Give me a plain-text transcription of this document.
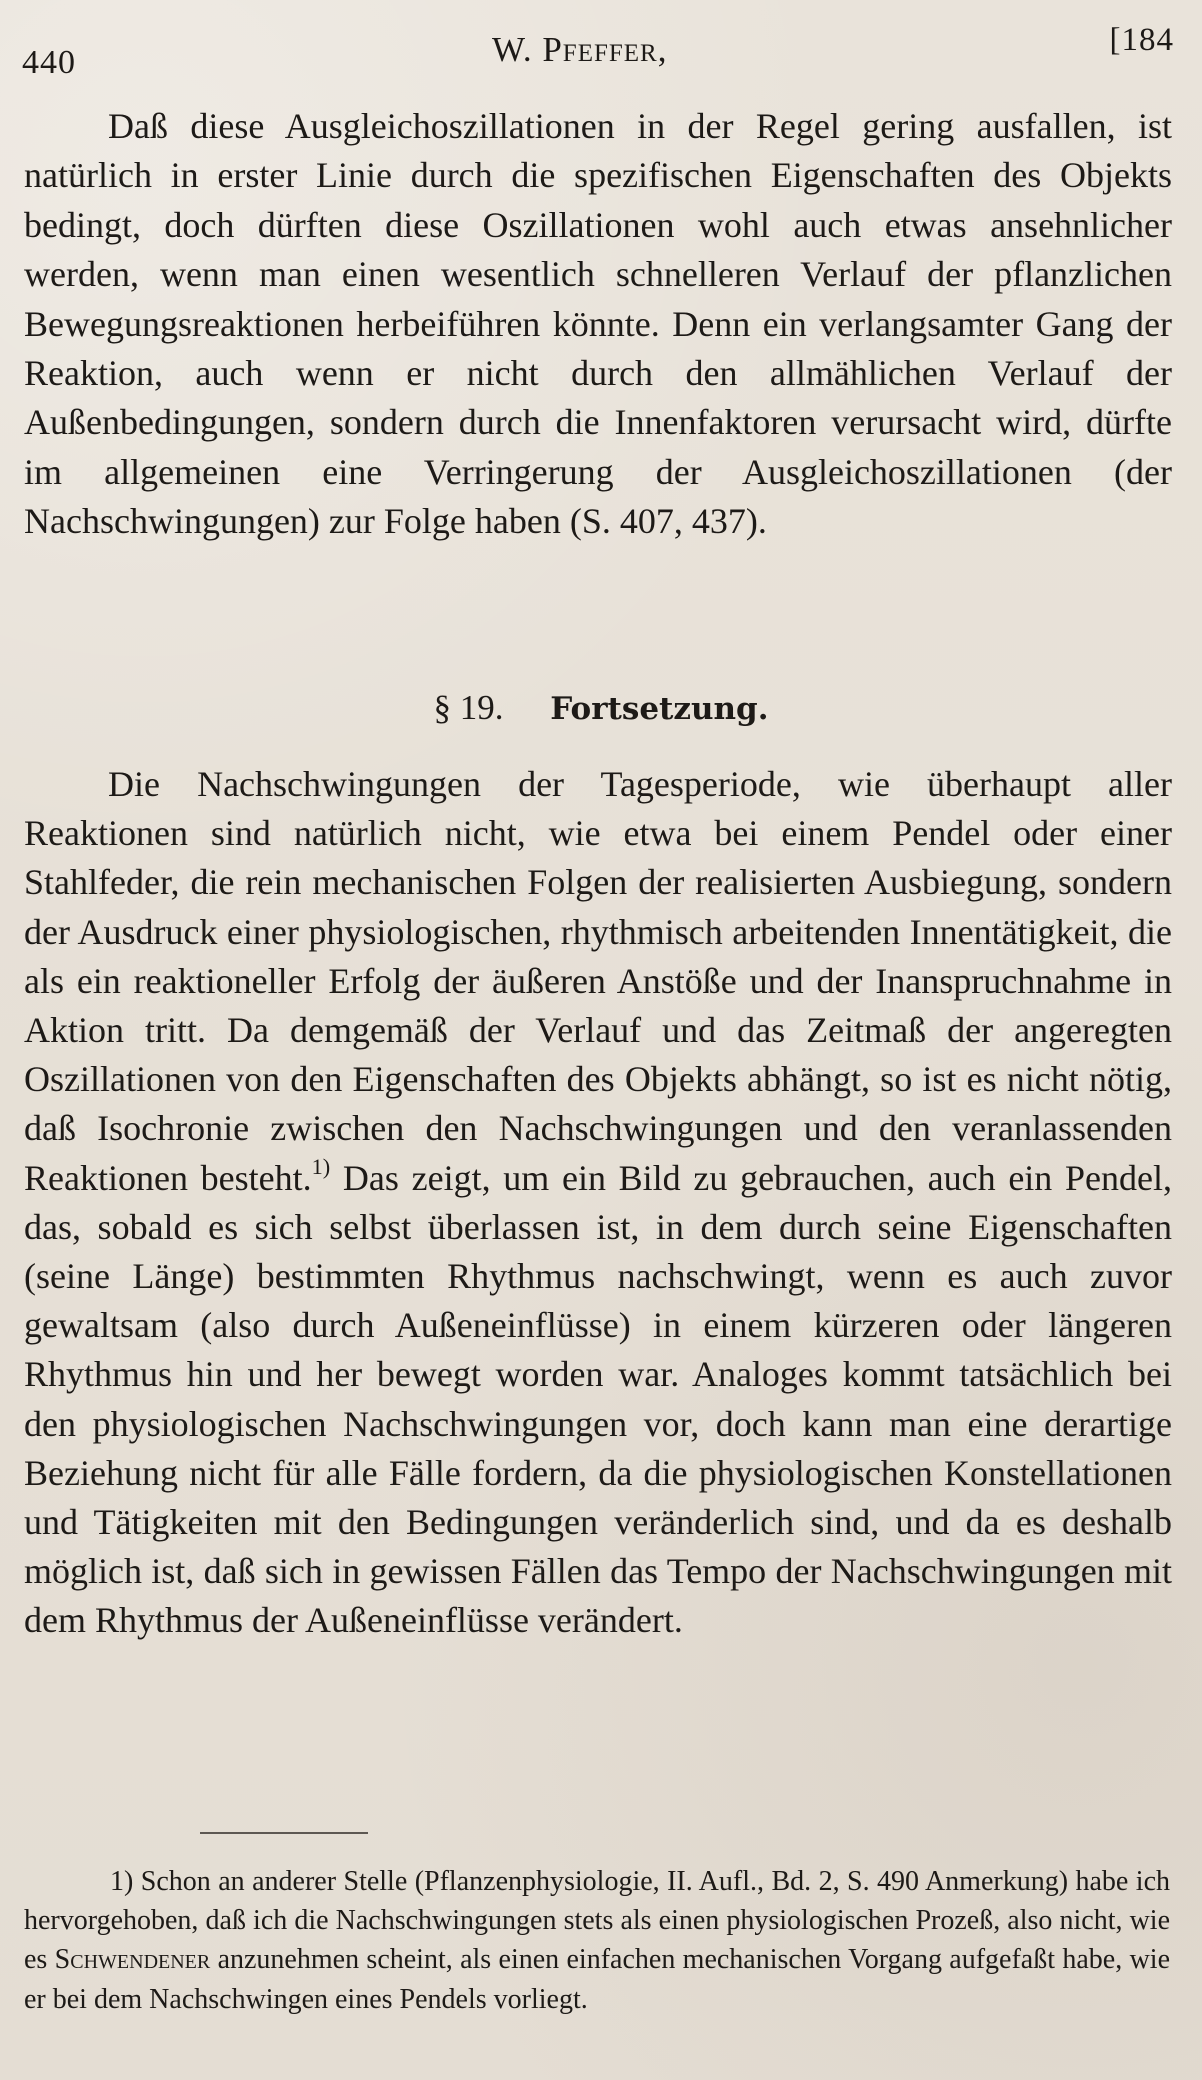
440	W. Pfeffer,	[184
Daß diese Ausgleichoszillationen in der Regel gering ausfallen, ist natürlich in erster Linie durch die spezifischen Eigenschaften des Objekts bedingt, doch dürften diese Oszillationen wohl auch etwas ansehnlicher werden, wenn man einen wesentlich schnelleren Verlauf der pflanzlichen Bewegungsreaktionen herbeiführen könnte. Denn ein verlangsamter Gang der Reaktion, auch wenn er nicht durch den allmählichen Verlauf der Außenbedingungen, sondern durch die Innenfaktoren verursacht wird, dürfte im allgemeinen eine Verringerung der Ausgleichoszillationen (der Nachschwingungen) zur Folge haben (S. 407, 437).
§ 19. Fortsetzung.
Die Nachschwingungen der Tagesperiode, wie überhaupt aller Reaktionen sind natürlich nicht, wie etwa bei einem Pendel oder einer Stahlfeder, die rein mechanischen Folgen der realisierten Ausbiegung, sondern der Ausdruck einer physiologischen, rhythmisch arbeitenden Innentätigkeit, die als ein reaktioneller Erfolg der äußeren Anstöße und der Inanspruchnahme in Aktion tritt. Da demgemäß der Verlauf und das Zeitmaß der angeregten Oszillationen von den Eigenschaften des Objekts abhängt, so ist es nicht nötig, daß Isochronie zwischen den Nachschwingungen und den veranlassenden Reaktionen besteht.$^{1)}$ Das zeigt, um ein Bild zu gebrauchen, auch ein Pendel, das, sobald es sich selbst überlassen ist, in dem durch seine Eigenschaften (seine Länge) bestimmten Rhythmus nachschwingt, wenn es auch zuvor gewaltsam (also durch Außeneinflüsse) in einem kürzeren oder längeren Rhythmus hin und her bewegt worden war. Analoges kommt tatsächlich bei den physiologischen Nachschwingungen vor, doch kann man eine derartige Beziehung nicht für alle Fälle fordern, da die physiologischen Konstellationen und Tätigkeiten mit den Bedingungen veränderlich sind, und da es deshalb möglich ist, daß sich in gewissen Fällen das Tempo der Nachschwingungen mit dem Rhythmus der Außeneinflüsse verändert.
1) Schon an anderer Stelle (Pflanzenphysiologie, II. Aufl., Bd. 2, S. 490 Anmerkung) habe ich hervorgehoben, daß ich die Nachschwingungen stets als einen physiologischen Prozeß, also nicht, wie es Schwendener anzunehmen scheint, als einen einfachen mechanischen Vorgang aufgefaßt habe, wie er bei dem Nachschwingen eines Pendels vorliegt.
